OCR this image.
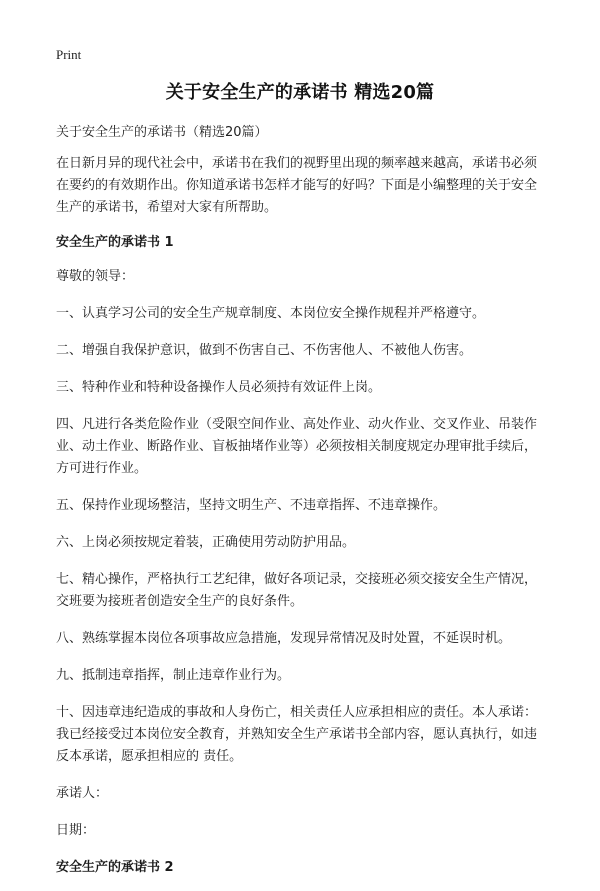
Print
关于安全生产的承诺书 精选20篇
关于安全生产的承诺书（精选20篇）

在日新月异的现代社会中，承诺书在我们的视野里出现的频率越来越高，承诺书必须在要约的有效期作出。你知道承诺书怎样才能写的好吗？下面是小编整理的关于安全生产的承诺书，希望对大家有所帮助。

安全生产的承诺书 1

尊敬的领导：

一、认真学习公司的安全生产规章制度、本岗位安全操作规程并严格遵守。

二、增强自我保护意识，做到不伤害自己、不伤害他人、不被他人伤害。

三、特种作业和特种设备操作人员必须持有效证件上岗。

四、凡进行各类危险作业（受限空间作业、高处作业、动火作业、交叉作业、吊装作业、动土作业、断路作业、盲板抽堵作业等）必须按相关制度规定办理审批手续后，方可进行作业。

五、保持作业现场整洁，坚持文明生产、不违章指挥、不违章操作。

六、上岗必须按规定着装，正确使用劳动防护用品。

七、精心操作，严格执行工艺纪律，做好各项记录，交接班必须交接安全生产情况，交班要为接班者创造安全生产的良好条件。

八、熟练掌握本岗位各项事故应急措施，发现异常情况及时处置，不延误时机。

九、抵制违章指挥，制止违章作业行为。

十、因违章违纪造成的事故和人身伤亡，相关责任人应承担相应的责任。本人承诺：我已经接受过本岗位安全教育，并熟知安全生产承诺书全部内容，愿认真执行，如违反本承诺，愿承担相应的 责任。

承诺人：

日期：

安全生产的承诺书 2
